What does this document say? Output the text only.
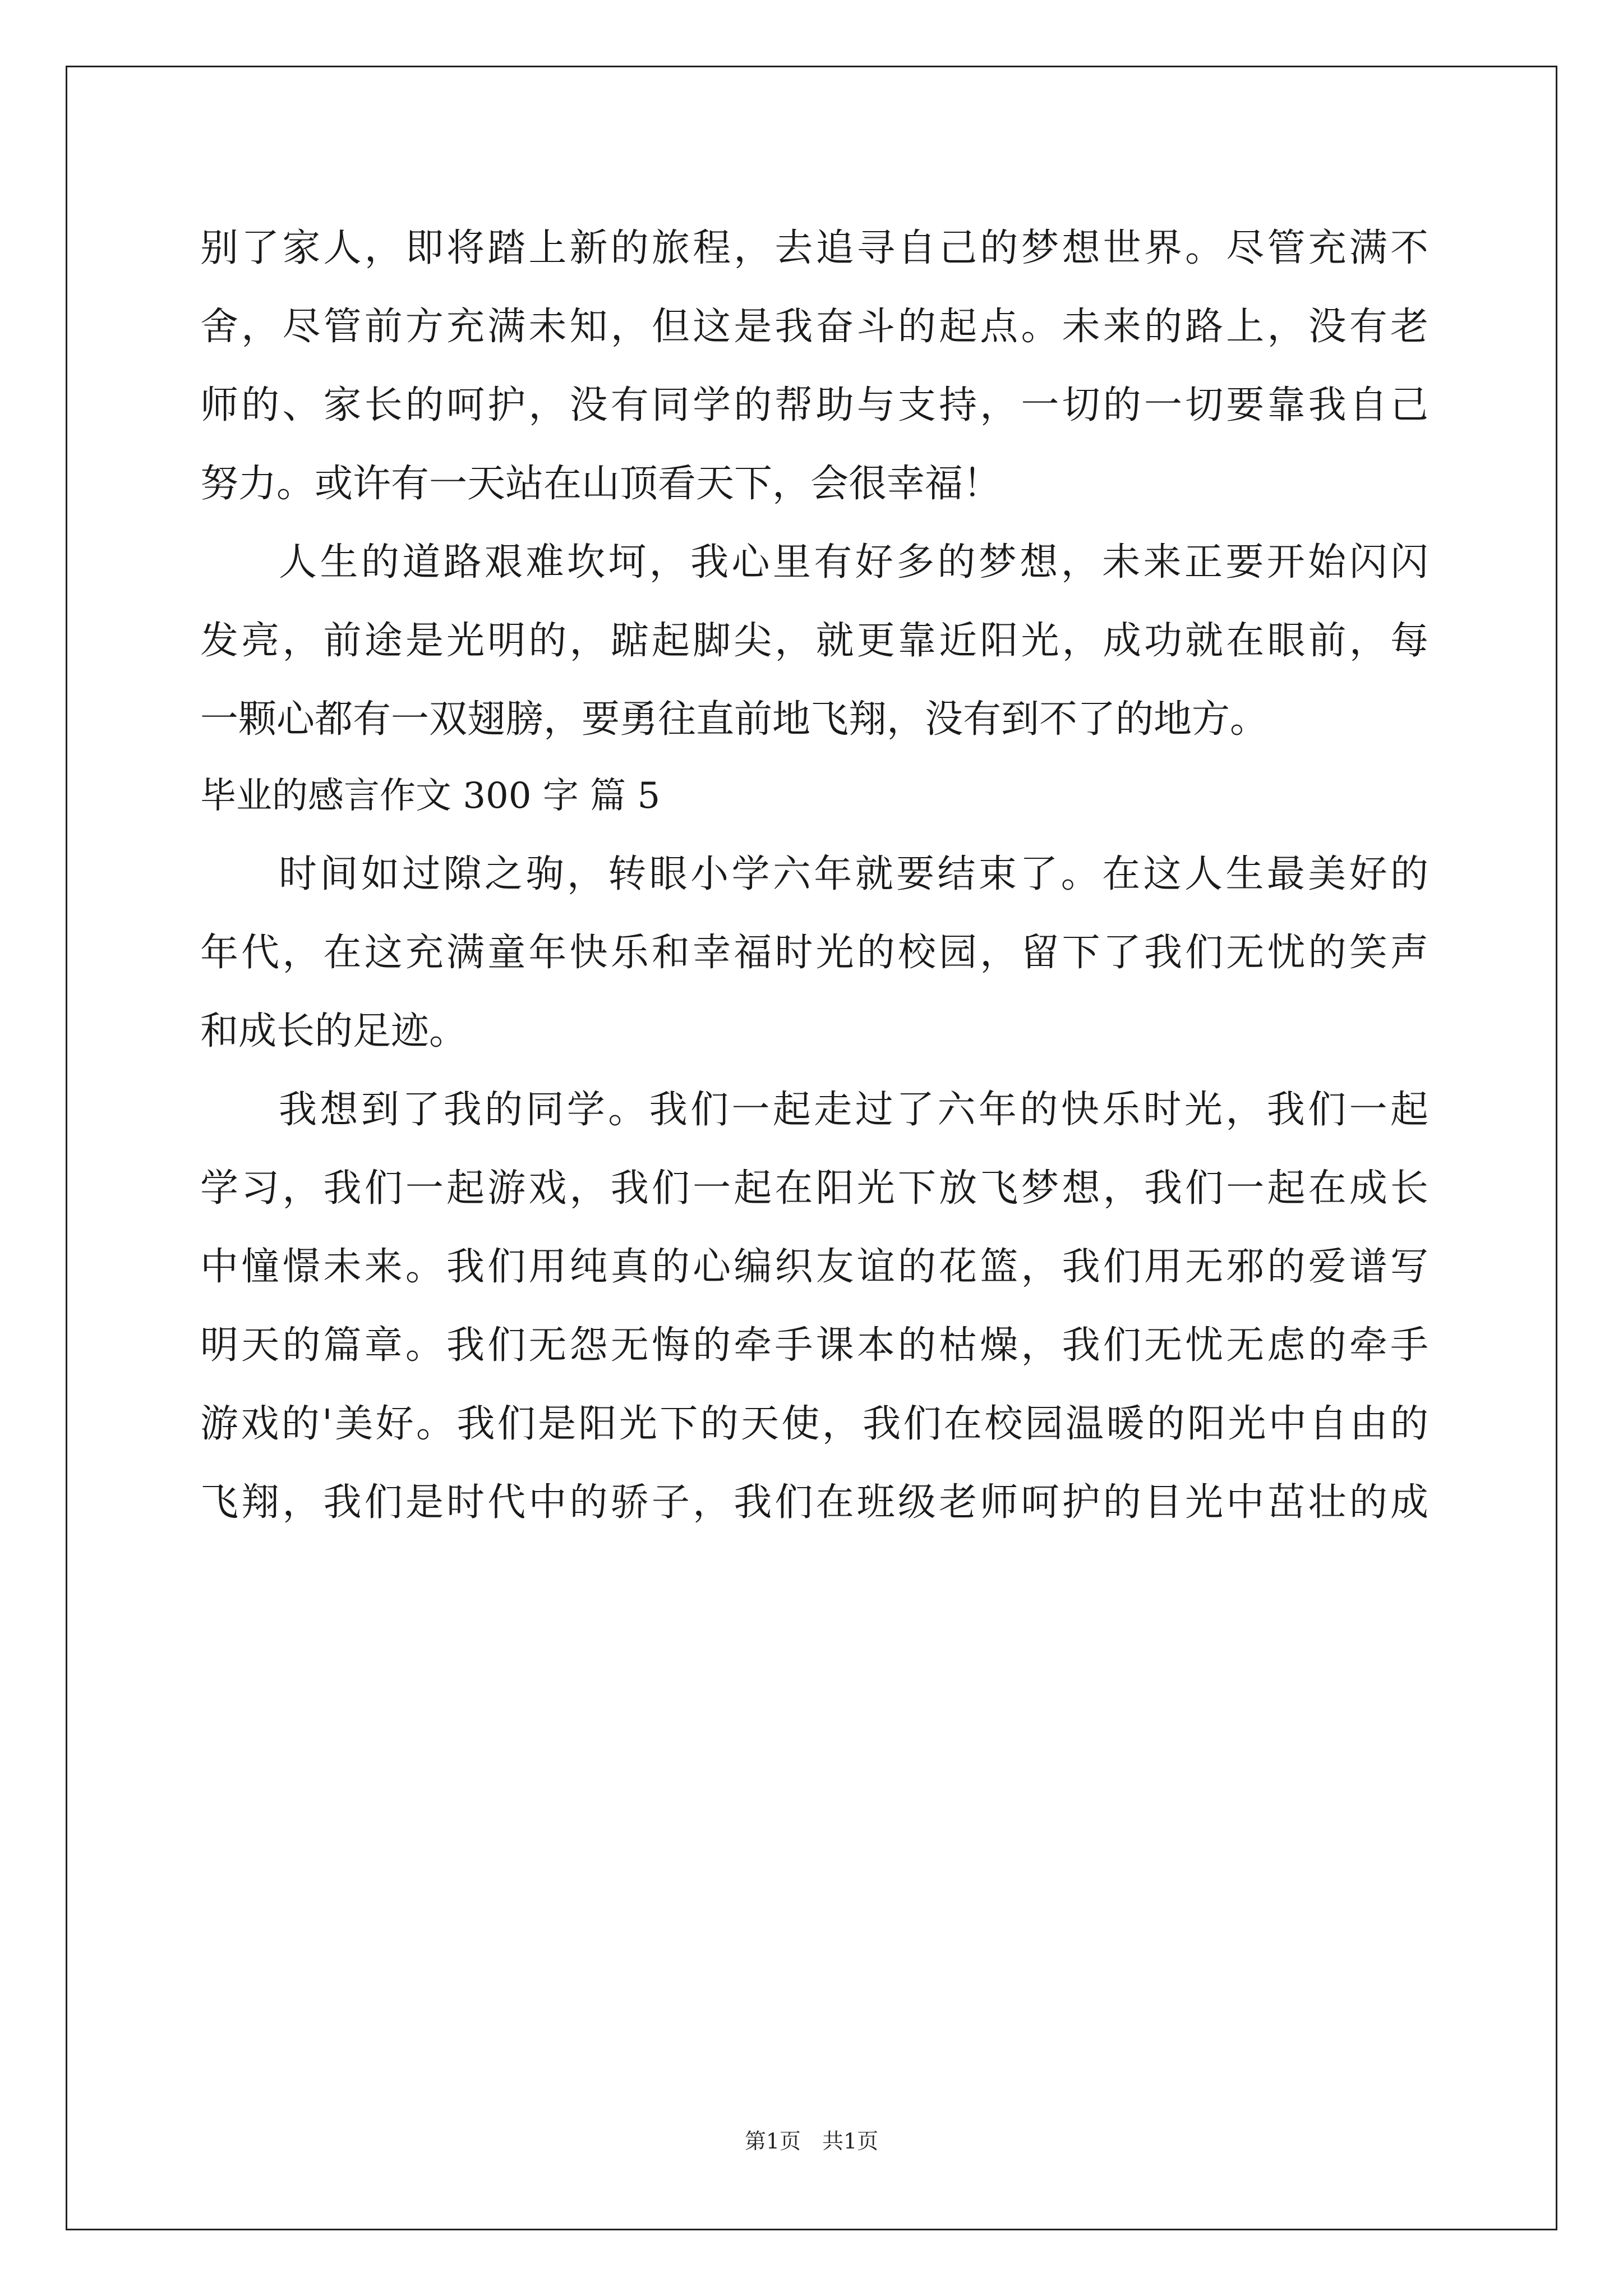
别了家人，即将踏上新的旅程，去追寻自己的梦想世界。尽管充满不
舍，尽管前方充满未知，但这是我奋斗的起点。未来的路上，没有老
师的、家长的呵护，没有同学的帮助与支持，一切的一切要靠我自己
努力。或许有一天站在山顶看天下，会很幸福！
人生的道路艰难坎坷，我心里有好多的梦想，未来正要开始闪闪
发亮，前途是光明的，踮起脚尖，就更靠近阳光，成功就在眼前，每
一颗心都有一双翅膀，要勇往直前地飞翔，没有到不了的地方。
毕业的感言作文 300 字 篇 5
时间如过隙之驹，转眼小学六年就要结束了。在这人生最美好的
年代，在这充满童年快乐和幸福时光的校园，留下了我们无忧的笑声
和成长的足迹。
我想到了我的同学。我们一起走过了六年的快乐时光，我们一起
学习，我们一起游戏，我们一起在阳光下放飞梦想，我们一起在成长
中憧憬未来。我们用纯真的心编织友谊的花篮，我们用无邪的爱谱写
明天的篇章。我们无怨无悔的牵手课本的枯燥，我们无忧无虑的牵手
游戏的'美好。我们是阳光下的天使，我们在校园温暖的阳光中自由的
飞翔，我们是时代中的骄子，我们在班级老师呵护的目光中茁壮的成
第1页　共1页
